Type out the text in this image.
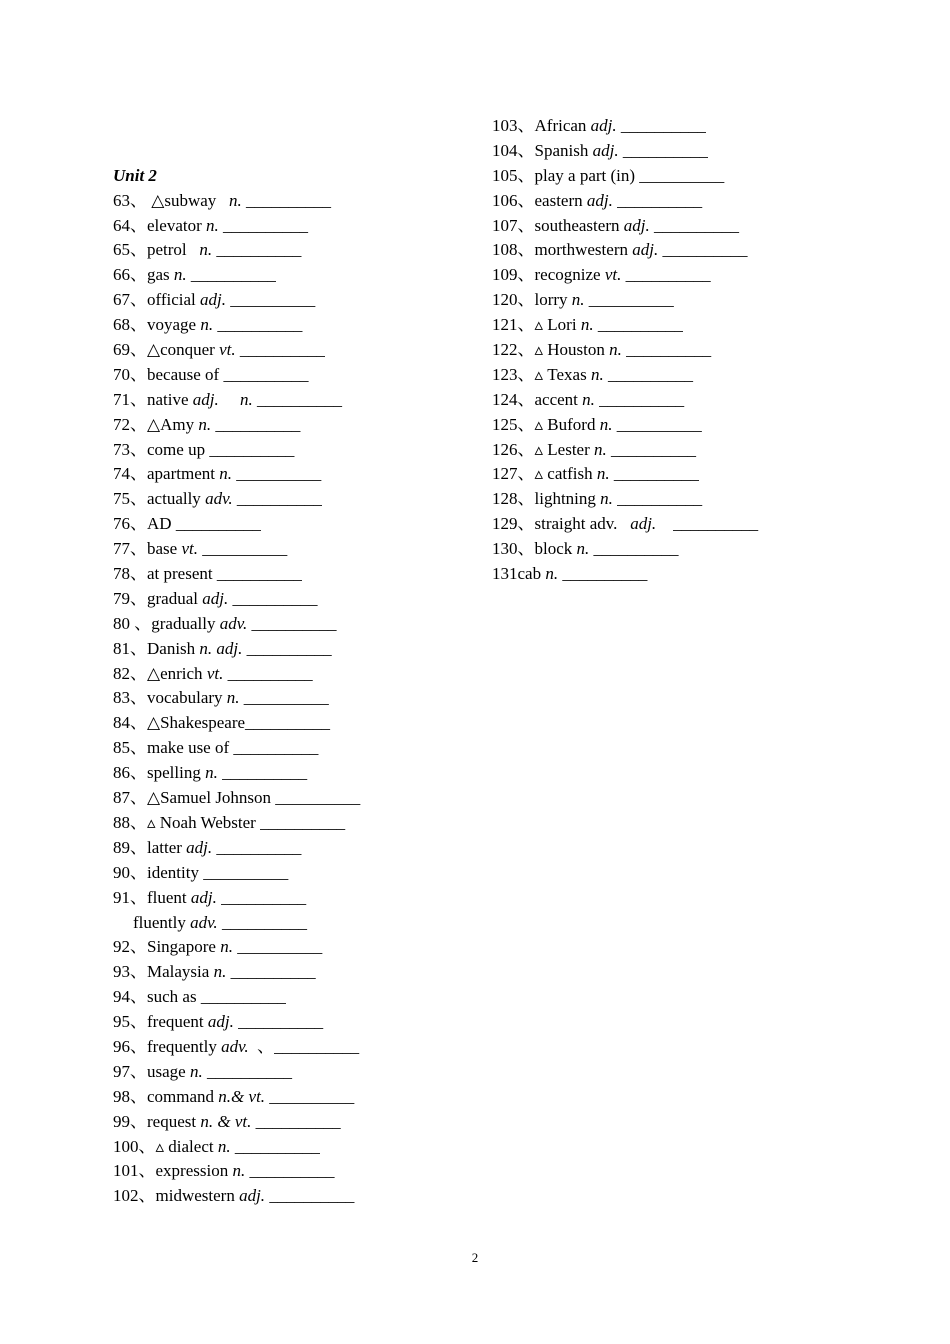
103、African adj. __________
104、Spanish adj. __________
105、play a part (in) __________
106、eastern adj. __________
107、southeastern adj. __________
108、morthwestern adj. __________
109、recognize vt. __________
120、lorry n. __________
121、▵ Lori n. __________
122、▵ Houston n. __________
123、▵ Texas n. __________
124、accent n. __________
125、▵ Buford n. __________
126、▵ Lester n. __________
127、▵ catfish n. __________
128、lightning n. __________
129、straight adv.   adj.    __________
130、block n. __________
131cab n. __________
Unit 2
63、 △subway   n. __________
64、elevator n. __________
65、petrol   n. __________
66、gas n. __________
67、official adj. __________
68、voyage n. __________
69、△conquer vt. __________
70、because of __________
71、native adj.     n. __________
72、△Amy n. __________
73、come up __________
74、apartment n. __________
75、actually adv. __________
76、AD __________
77、base vt. __________
78、at present __________
79、gradual adj. __________
80 、gradually adv. __________
81、Danish n. adj. __________
82、△enrich vt. __________
83、vocabulary n. __________
84、△Shakespeare__________
85、make use of __________
86、spelling n. __________
87、△Samuel Johnson __________
88、▵ Noah Webster __________
89、latter adj. __________
90、identity __________
91、fluent adj. __________
fluently adv. __________
92、Singapore n. __________
93、Malaysia n. __________
94、such as __________
95、frequent adj. __________
96、frequently adv.  、__________
97、usage n. __________
98、command n.& vt. __________
99、request n. & vt. __________
100、▵ dialect n. __________
101、expression n. __________
102、midwestern adj. __________
2
